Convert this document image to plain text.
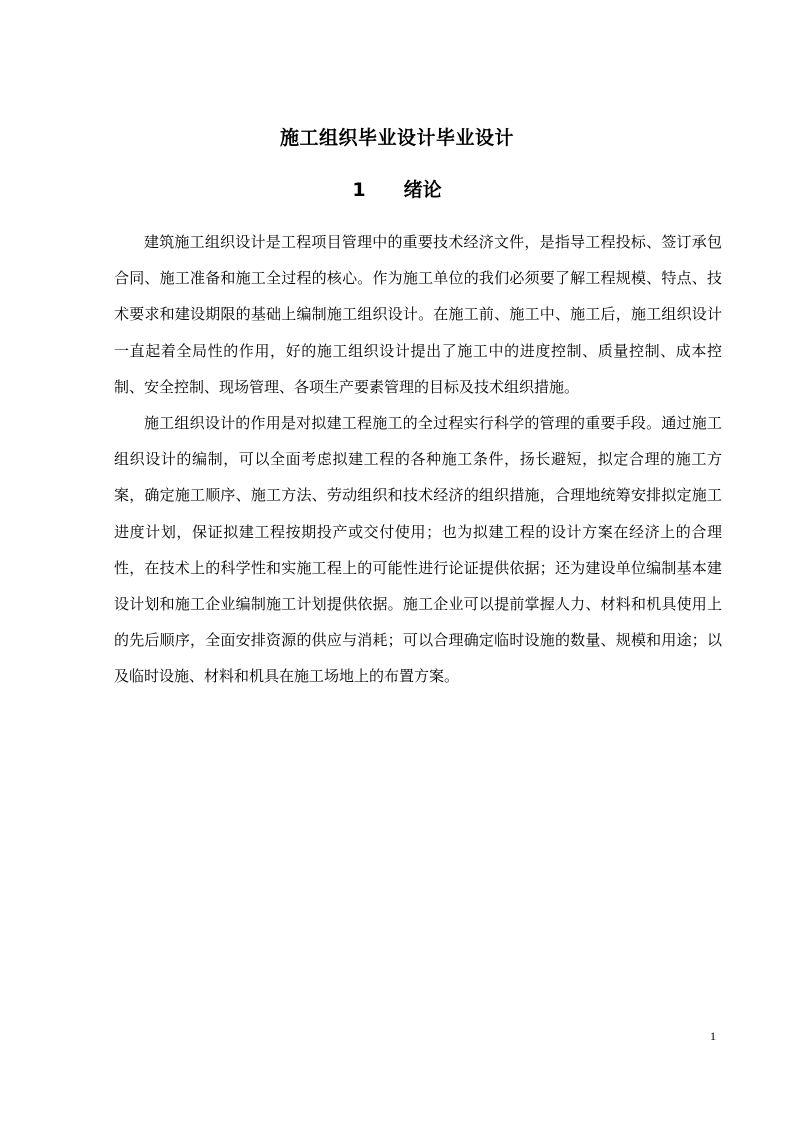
施工组织毕业设计毕业设计
1 绪论

建筑施工组织设计是工程项目管理中的重要技术经济文件，是指导工程投标、签订承包合同、施工准备和施工全过程的核心。作为施工单位的我们必须要了解工程规模、特点、技术要求和建设期限的基础上编制施工组织设计。在施工前、施工中、施工后，施工组织设计一直起着全局性的作用，好的施工组织设计提出了施工中的进度控制、质量控制、成本控制、安全控制、现场管理、各项生产要素管理的目标及技术组织措施。

施工组织设计的作用是对拟建工程施工的全过程实行科学的管理的重要手段。通过施工组织设计的编制，可以全面考虑拟建工程的各种施工条件，扬长避短，拟定合理的施工方案，确定施工顺序、施工方法、劳动组织和技术经济的组织措施，合理地统筹安排拟定施工进度计划，保证拟建工程按期投产或交付使用；也为拟建工程的设计方案在经济上的合理性，在技术上的科学性和实施工程上的可能性进行论证提供依据；还为建设单位编制基本建设计划和施工企业编制施工计划提供依据。施工企业可以提前掌握人力、材料和机具使用上的先后顺序，全面安排资源的供应与消耗；可以合理确定临时设施的数量、规模和用途；以及临时设施、材料和机具在施工场地上的布置方案。

1
